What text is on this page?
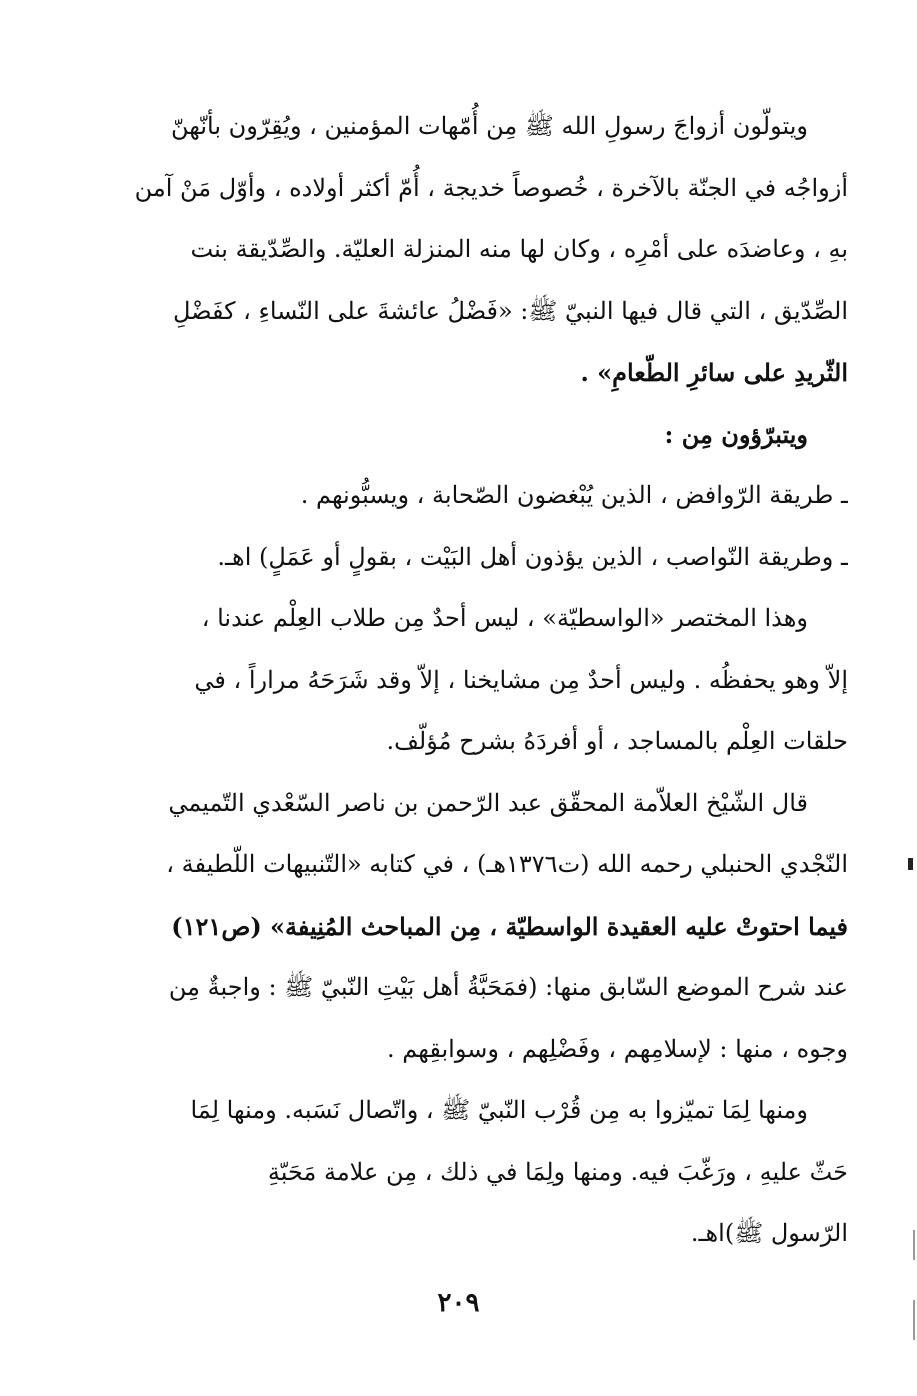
ويتولّون أزواجَ رسولِ الله ﷺ مِن أُمّهات المؤمنين ، ويُقِرّون بأنّهنّ
أزواجُه في الجنّة بالآخرة ، خُصوصاً خديجة ، أُمّ أكثر أولاده ، وأوّل مَنْ آمن
بهِ ، وعاضدَه على أمْرِه ، وكان لها منه المنزلة العليّة. والصِّدّيقة بنت
الصِّدّيق ، التي قال فيها النبيّ ﷺ: «فَضْلُ عائشةَ على النّساءِ ، كفَضْلِ
الثّريدِ على سائرِ الطّعامِ» .
ويتبرّؤون مِن :
ـ طريقة الرّوافض ، الذين يُبْغضون الصّحابة ، ويسبُّونهم .
ـ وطريقة النّواصب ، الذين يؤذون أهل البَيْت ، بقولٍ أو عَمَلٍ) اهـ.
وهذا المختصر «الواسطيّة» ، ليس أحدٌ مِن طلاب العِلْم عندنا ،
إلاّ وهو يحفظُه . وليس أحدٌ مِن مشايخنا ، إلاّ وقد شَرَحَهُ مراراً ، في
حلقات العِلْم بالمساجد ، أو أفردَهُ بشرح مُؤلّف.
قال الشّيْخ العلاّمة المحقّق عبد الرّحمن بن ناصر السّعْدي التّميمي
النّجْدي الحنبلي رحمه الله (ت١٣٧٦هـ) ، في كتابه «التّنبيهات اللّطيفة ،
فيما احتوتْ عليه العقيدة الواسطيّة ، مِن المباحث المُنِيفة» (ص١٢١)
عند شرح الموضع السّابق منها: (فمَحَبَّةُ أهل بَيْتِ النّبيّ ﷺ : واجبةٌ مِن
وجوه ، منها : لإسلامِهم ، وفَضْلِهم ، وسوابقِهم .
ومنها لِمَا تميّزوا به مِن قُرْب النّبيّ ﷺ ، واتّصال نَسَبه. ومنها لِمَا
حَثّ عليهِ ، ورَغّبَ فيه. ومنها ولِمَا في ذلك ، مِن علامة مَحَبّةِ
الرّسول ﷺ)اهـ.
٢٠٩
